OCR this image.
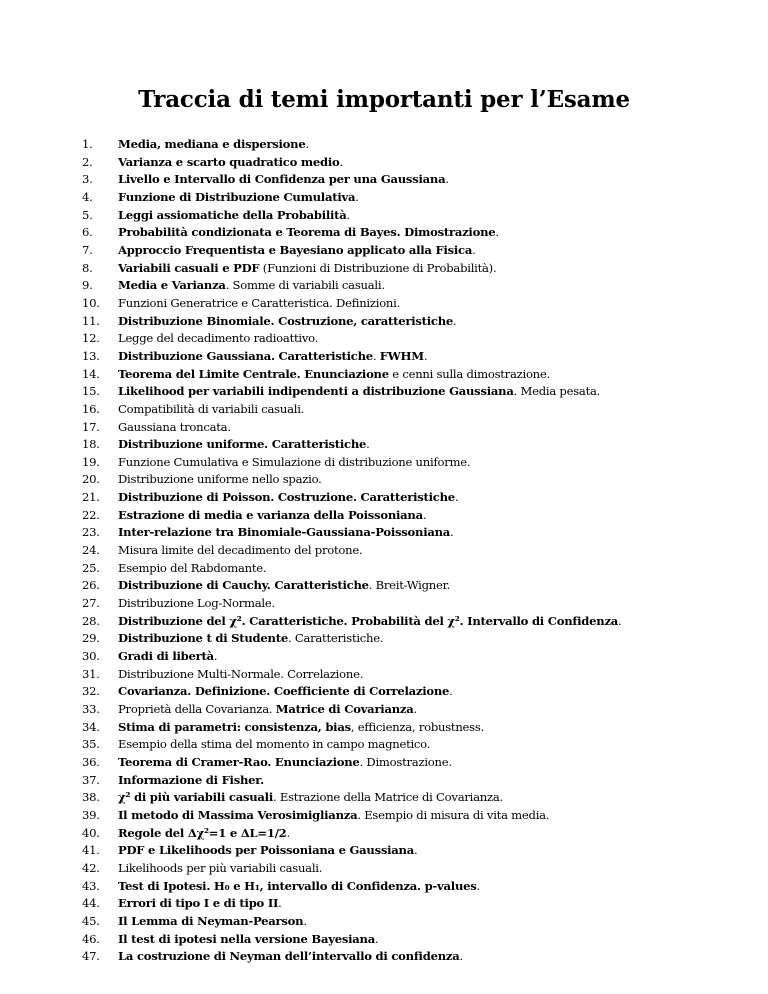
Traccia di temi importanti per l’Esame
1. Media, mediana e dispersione.
2. Varianza e scarto quadratico medio.
3. Livello e Intervallo di Confidenza per una Gaussiana.
4. Funzione di Distribuzione Cumulativa.
5. Leggi assiomatiche della Probabilità.
6. Probabilità condizionata e Teorema di Bayes. Dimostrazione.
7. Approccio Frequentista e Bayesiano applicato alla Fisica.
8. Variabili casuali e PDF (Funzioni di Distribuzione di Probabilità).
9. Media e Varianza. Somme di variabili casuali.
10. Funzioni Generatrice e Caratteristica. Definizioni.
11. Distribuzione Binomiale. Costruzione, caratteristiche.
12. Legge del decadimento radioattivo.
13. Distribuzione Gaussiana. Caratteristiche. FWHM.
14. Teorema del Limite Centrale. Enunciazione e cenni sulla dimostrazione.
15. Likelihood per variabili indipendenti a distribuzione Gaussiana. Media pesata.
16. Compatibilità di variabili casuali.
17. Gaussiana troncata.
18. Distribuzione uniforme. Caratteristiche.
19. Funzione Cumulativa e Simulazione di distribuzione uniforme.
20. Distribuzione uniforme nello spazio.
21. Distribuzione di Poisson. Costruzione. Caratteristiche.
22. Estrazione di media e varianza della Poissoniana.
23. Inter-relazione tra Binomiale-Gaussiana-Poissoniana.
24. Misura limite del decadimento del protone.
25. Esempio del Rabdomante.
26. Distribuzione di Cauchy. Caratteristiche. Breit-Wigner.
27. Distribuzione Log-Normale.
28. Distribuzione del χ². Caratteristiche. Probabilità del χ². Intervallo di Confidenza.
29. Distribuzione t di Studente. Caratteristiche.
30. Gradi di libertà.
31. Distribuzione Multi-Normale. Correlazione.
32. Covarianza. Definizione. Coefficiente di Correlazione.
33. Proprietà della Covarianza. Matrice di Covarianza.
34. Stima di parametri: consistenza, bias, efficienza, robustness.
35. Esempio della stima del momento in campo magnetico.
36. Teorema di Cramer-Rao. Enunciazione. Dimostrazione.
37. Informazione di Fisher.
38. χ² di più variabili casuali. Estrazione della Matrice di Covarianza.
39. Il metodo di Massima Verosimiglianza. Esempio di misura di vita media.
40. Regole del Δχ²=1 e ΔL=1/2.
41. PDF e Likelihoods per Poissoniana e Gaussiana.
42. Likelihoods per più variabili casuali.
43. Test di Ipotesi. H₀ e H₁, intervallo di Confidenza. p-values.
44. Errori di tipo I e di tipo II.
45. Il Lemma di Neyman-Pearson.
46. Il test di ipotesi nella versione Bayesiana.
47. La costruzione di Neyman dell’intervallo di confidenza.
